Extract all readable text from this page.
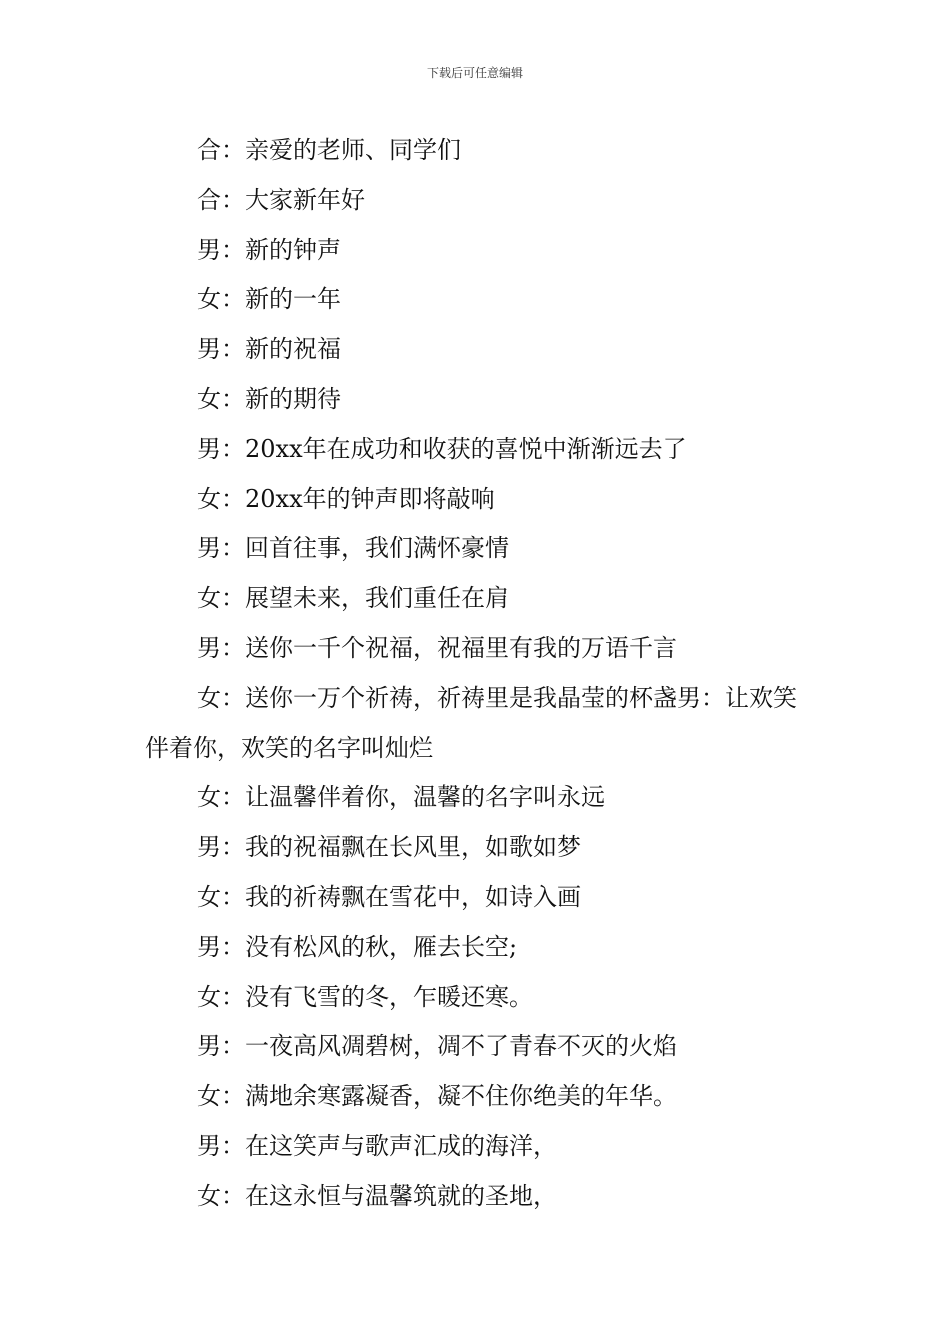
下载后可任意编辑

合：亲爱的老师、同学们

合：大家新年好

男：新的钟声

女：新的一年

男：新的祝福

女：新的期待

男：20xx年在成功和收获的喜悦中渐渐远去了

女：20xx年的钟声即将敲响

男：回首往事，我们满怀豪情

女：展望未来，我们重任在肩

男：送你一千个祝福，祝福里有我的万语千言

女：送你一万个祈祷，祈祷里是我晶莹的杯盏男：让欢笑伴着你，欢笑的名字叫灿烂

女：让温馨伴着你，温馨的名字叫永远

男：我的祝福飘在长风里，如歌如梦

女：我的祈祷飘在雪花中，如诗入画

男：没有松风的秋，雁去长空;

女：没有飞雪的冬，乍暖还寒。

男：一夜高风凋碧树，凋不了青春不灭的火焰

女：满地余寒露凝香，凝不住你绝美的年华。

男：在这笑声与歌声汇成的海洋，

女：在这永恒与温馨筑就的圣地，
